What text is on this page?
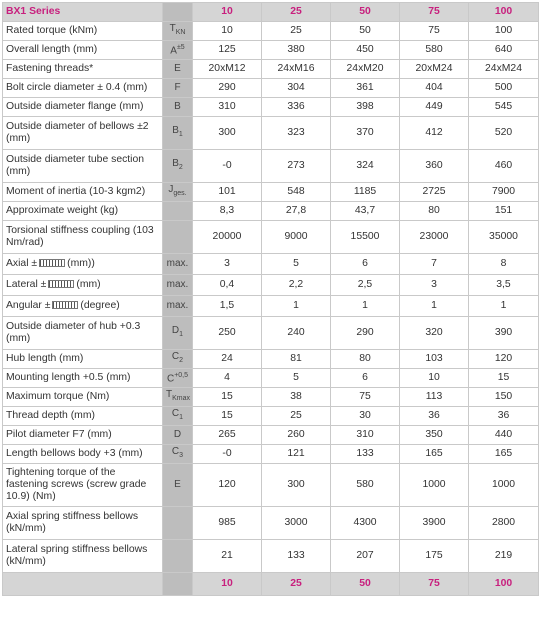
BX1 Series		10	25	50	75	100
Rated torque (kNm)	$T_{KN}$	10	25	50	75	100
Overall length (mm)	$A^{\pm 5}$	125	380	450	580	640
Fastening threads*	E	20xM12	24xM16	24xM20	20xM24	24xM24
Bolt circle diameter ± 0.4 (mm)	F	290	304	361	404	500
Outside diameter flange (mm)	B	310	336	398	449	545
Outside diameter of bellows ±2 (mm)	$B_1$	300	323	370	412	520
Outside diameter tube section (mm)	$B_2$	-0	273	324	360	460
Moment of inertia (10-3 kgm2)	$J_{ges.}$	101	548	1185	2725	7900
Approximate weight (kg)		8,3	27,8	43,7	80	151
Torsional stiffness coupling (103 Nm/rad)		20000	9000	15500	23000	35000
Axial ± (mm))	max.	3	5	6	7	8
Lateral ± (mm)	max.	0,4	2,2	2,5	3	3,5
Angular ± (degree)	max.	1,5	1	1	1	1
Outside diameter of hub +0.3 (mm)	$D_1$	250	240	290	320	390
Hub length (mm)	$C_2$	24	81	80	103	120
Mounting length +0.5 (mm)	$C^{+0,5}$	4	5	6	10	15
Maximum torque (Nm)	$T_{Kmax}$	15	38	75	113	150
Thread depth (mm)	$C_1$	15	25	30	36	36
Pilot diameter F7 (mm)	D	265	260	310	350	440
Length bellows body +3 (mm)	$C_3$	-0	121	133	165	165
Tightening torque of the fastening screws (screw grade 10.9) (Nm)	E	120	300	580	1000	1000
Axial spring stiffness bellows (kN/mm)		985	3000	4300	3900	2800
Lateral spring stiffness bellows (kN/mm)		21	133	207	175	219
		10	25	50	75	100
